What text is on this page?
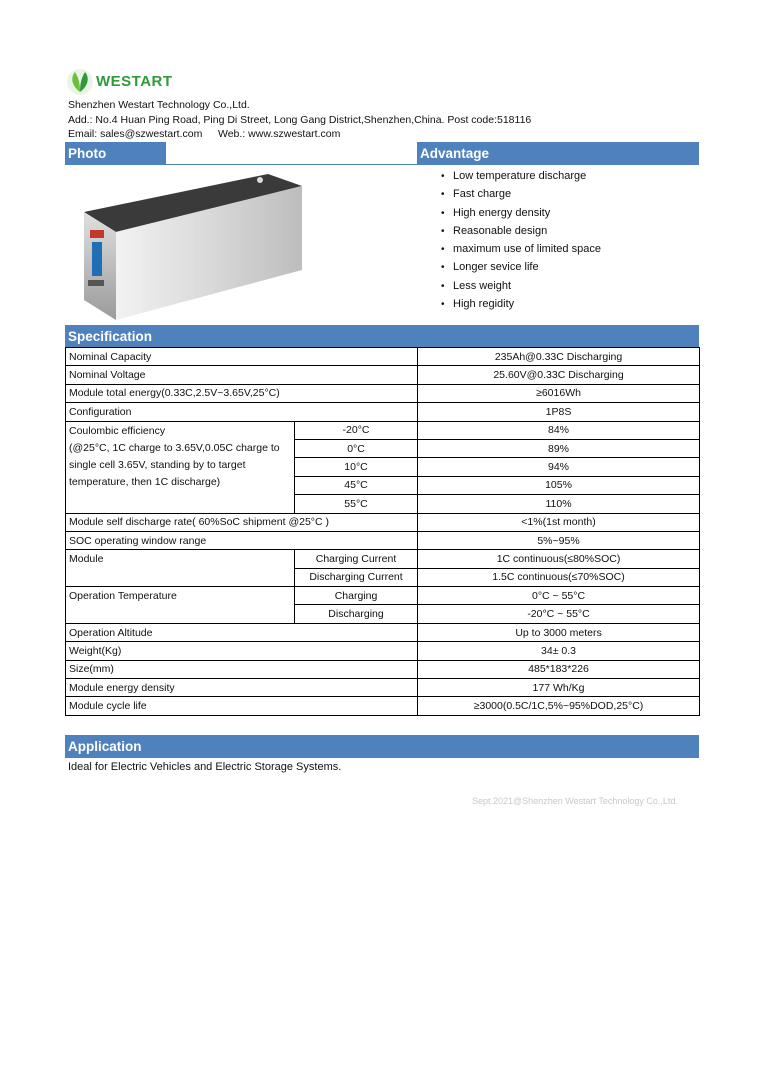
WESTART
Shenzhen Westart Technology Co.,Ltd.
Add.: No.4 Huan Ping Road, Ping Di Street, Long Gang District,Shenzhen,China. Post code:518116
Email: sales@szwestart.com Web.: www.szwestart.com
Photo	Advantage
• Low temperature discharge
• Fast charge
• High energy density
• Reasonable design
• maximum use of limited space
• Longer sevice life
• Less weight
• High regidity
Specification
Nominal Capacity		235Ah@0.33C Discharging
Nominal Voltage		25.60V@0.33C Discharging
Module total energy(0.33C,2.5V~3.65V,25°C)		≥6016Wh
Configuration		1P8S

Coulombic efficiency
(@25°C, 1C charge to 3.65V,0.05C charge to single cell 3.65V, standing by to target temperature, then 1C discharge)	-20°C	84%
	0°C	89%
	10°C	94%
	45°C	105%
	55°C	110%
Module self discharge rate( 60%SoC shipment @25°C )		<1%(1st month)
SOC operating window range		5%~95%
Module	Charging Current	1C continuous(≤80%SOC)
	Discharging Current	1.5C continuous(≤70%SOC)
Operation Temperature	Charging	0°C ~ 55°C
	Discharging	-20°C ~ 55°C
Operation Altitude		Up to 3000 meters
Weight(Kg)		34± 0.3
Size(mm)		485*183*226
Module energy density		177 Wh/Kg
Module cycle life		≥3000(0.5C/1C,5%~95%DOD,25°C)
Application
Ideal for Electric Vehicles and Electric Storage Systems.
Sept.2021@Shenzhen Westart Technology Co.,Ltd.
